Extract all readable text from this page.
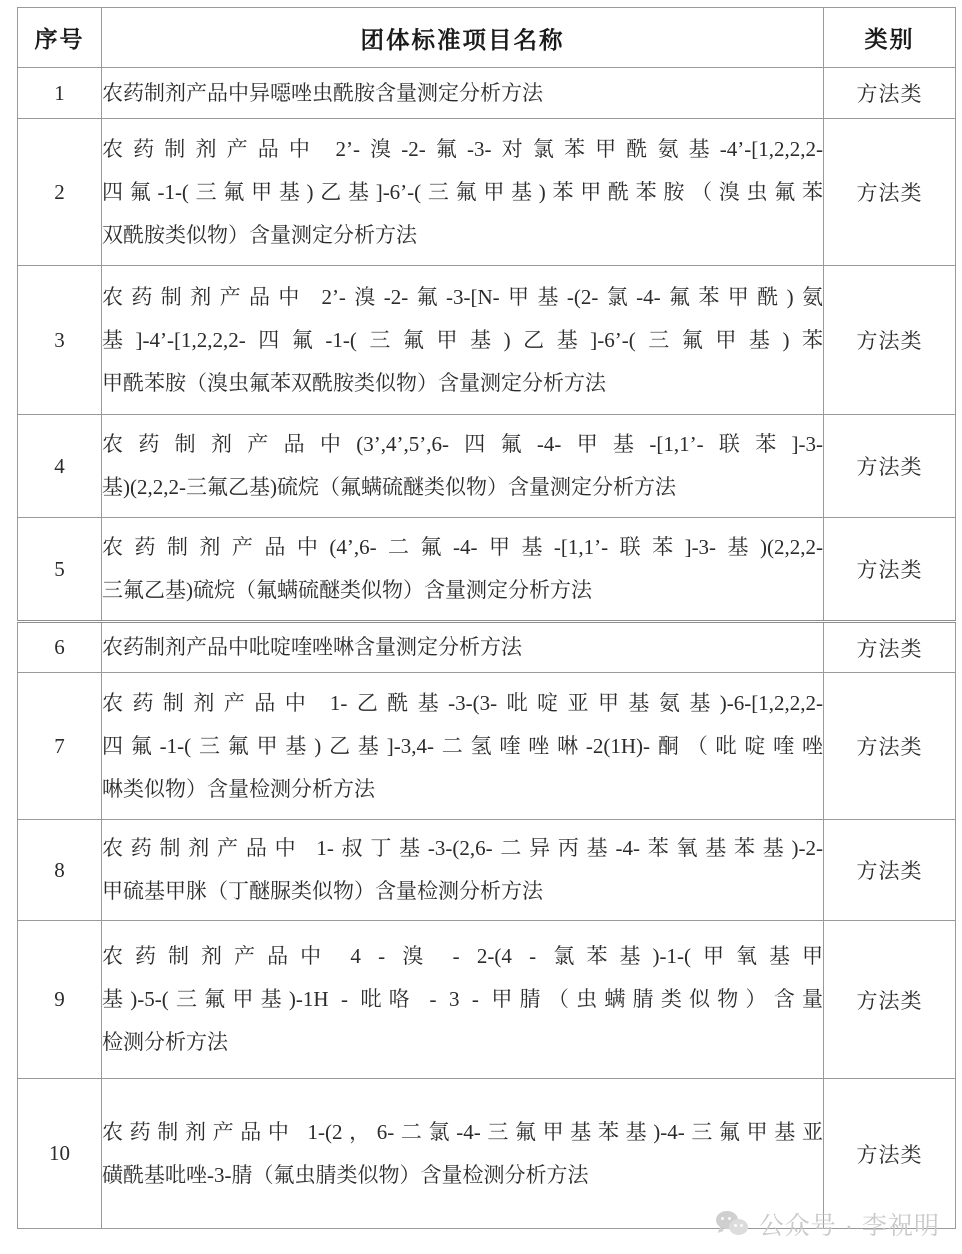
序号	团体标准项目名称	类别
1	农药制剂产品中异噁唑虫酰胺含量测定分析方法	方法类
2	农药制剂产品中 2’-溴-2-氟-3-对氯苯甲酰氨基-4’-[1,2,2,2-
四氟-1-(三氟甲基)乙基]-6’-(三氟甲基)苯甲酰苯胺（溴虫氟苯
双酰胺类似物）含量测定分析方法	方法类
3	农药制剂产品中 2’-溴-2-氟-3-[N-甲基-(2-氯-4-氟苯甲酰)氨
基]-4’-[1,2,2,2-四氟-1-(三氟甲基)乙基]-6’-(三氟甲基)苯
甲酰苯胺（溴虫氟苯双酰胺类似物）含量测定分析方法	方法类
4	农药制剂产品中(3’,4’,5’,6-四氟-4-甲基-[1,1’-联苯]-3-
基)(2,2,2-三氟乙基)硫烷（氟螨硫醚类似物）含量测定分析方法	方法类
5	农药制剂产品中(4’,6-二氟-4-甲基-[1,1’-联苯]-3-基)(2,2,2-
三氟乙基)硫烷（氟螨硫醚类似物）含量测定分析方法	方法类
6	农药制剂产品中吡啶喹唑啉含量测定分析方法	方法类
7	农药制剂产品中 1-乙酰基-3-(3-吡啶亚甲基氨基)-6-[1,2,2,2-
四氟-1-(三氟甲基)乙基]-3,4-二氢喹唑啉-2(1H)-酮（吡啶喹唑
啉类似物）含量检测分析方法	方法类
8	农药制剂产品中 1-叔丁基-3-(2,6-二异丙基-4-苯氧基苯基)-2-
甲硫基甲脒（丁醚脲类似物）含量检测分析方法	方法类
9	农药制剂产品中 4 - 溴 - 2-(4 - 氯苯基)-1-(甲氧基甲
基)-5-(三氟甲基)-1H - 吡咯 - 3 - 甲腈（虫螨腈类似物）含量
检测分析方法	方法类
10	农药制剂产品中 1-(2，6-二氯-4-三氟甲基苯基)-4-三氟甲基亚
磺酰基吡唑-3-腈（氟虫腈类似物）含量检测分析方法	方法类
公众号 · 李祝明
